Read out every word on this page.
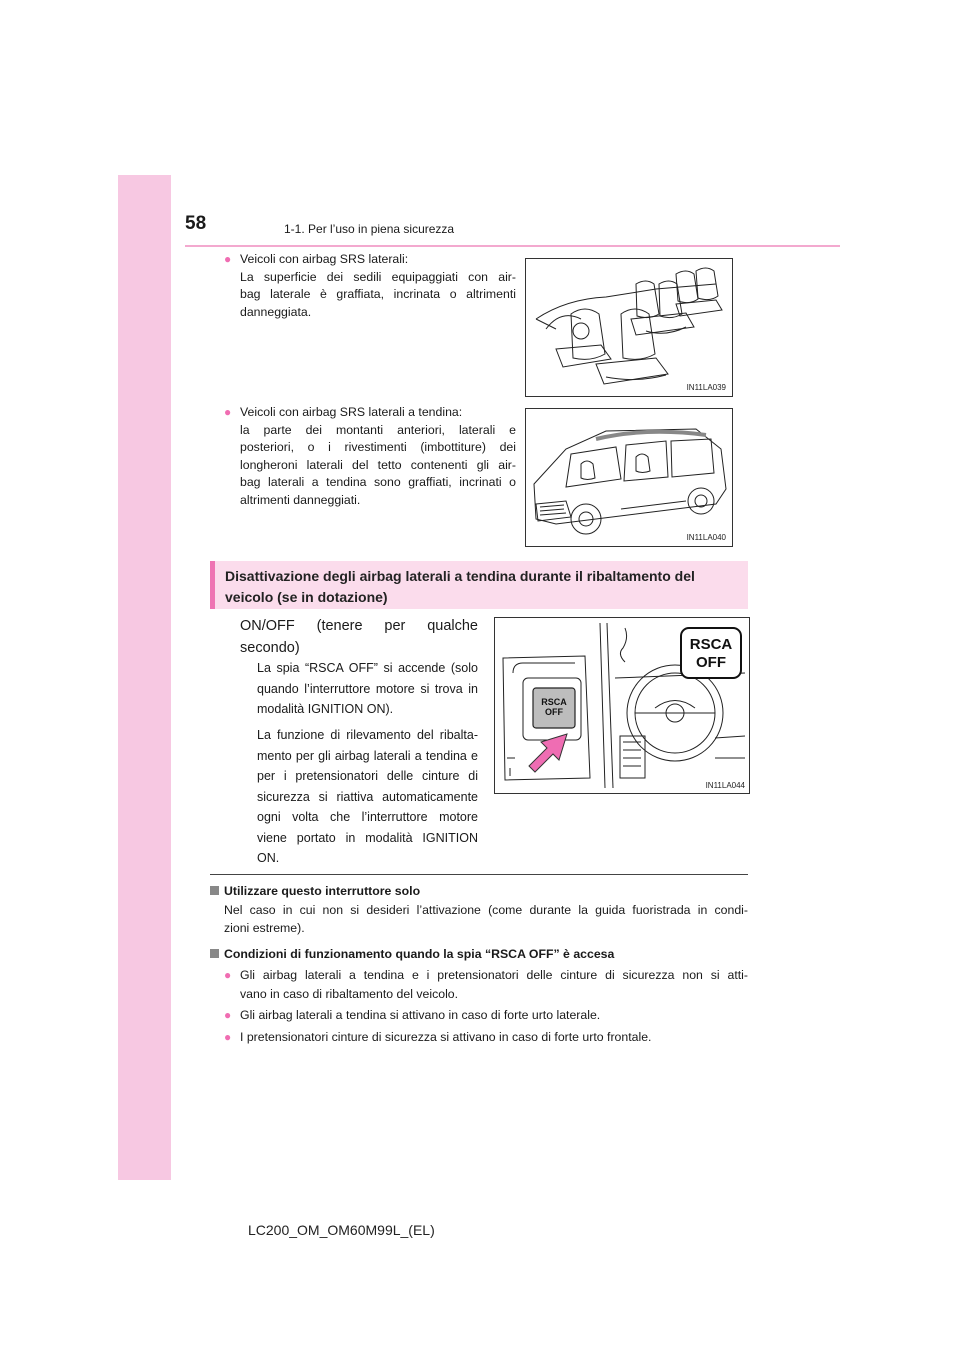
58	1-1. Per l’uso in piena sicurezza
● Veicoli con airbag SRS laterali:
La superficie dei sedili equipaggiati con air-
bag laterale è graffiata, incrinata o altrimenti
danneggiata.
IN11LA039
● Veicoli con airbag SRS laterali a tendina:
la parte dei montanti anteriori, laterali e
posteriori, o i rivestimenti (imbottiture) dei
longheroni laterali del tetto contenenti gli air-
bag laterali a tendina sono graffiati, incrinati o
altrimenti danneggiati.
IN11LA040
Disattivazione degli airbag laterali a tendina durante il ribaltamento del
veicolo (se in dotazione)
ON/OFF (tenere per qualche
secondo)
La spia “RSCA OFF” si accende (solo
quando l’interruttore motore si trova in
modalità IGNITION ON).
La funzione di rilevamento del ribalta-
mento per gli airbag laterali a tendina e
per i pretensionatori delle cinture di
sicurezza si riattiva automaticamente
ogni volta che l’interruttore motore
viene portato in modalità IGNITION
ON.
RSCA
OFF
RSCA
OFF
IN11LA044
Utilizzare questo interruttore solo
Nel caso in cui non si desideri l’attivazione (come durante la guida fuoristrada in condi-
zioni estreme).
Condizioni di funzionamento quando la spia “RSCA OFF” è accesa
● Gli airbag laterali a tendina e i pretensionatori delle cinture di sicurezza non si atti-
vano in caso di ribaltamento del veicolo.
● Gli airbag laterali a tendina si attivano in caso di forte urto laterale.
● I pretensionatori cinture di sicurezza si attivano in caso di forte urto frontale.
LC200_OM_OM60M99L_(EL)
